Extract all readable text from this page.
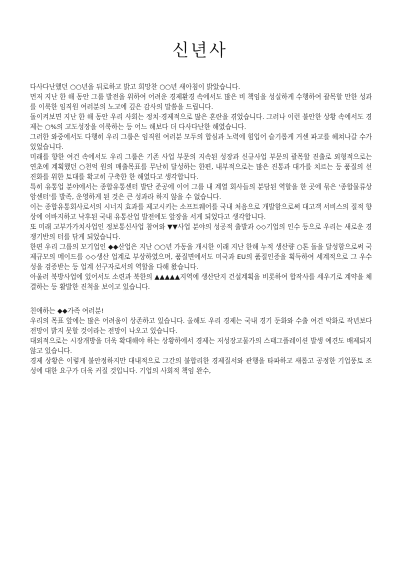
신년사

다사다난했던 ○○년을 뒤로하고 밝고 희망찬 ○○년 새아침이 밝았습니다.

먼저 지난 한 해 동안 그룹 발전을 위하여 어려운 경제환경 속에서도 많은 비 책임을 성실하게 수행하여 괄목할 만한 성과를 이룩한 임직원 여러분의 노고에 깊은 감사의 말씀을 드립니다.

돌이켜보면 지난 한 해 동안 우리 사회는 정치·경제적으로 많은 혼란을 겪었습니다. 그러나 이런 불안한 상황 속에서도 경제는 ○%의 고도성장을 이룩하는 등 어느 해보다 더 다사다난한 해였습니다.

그러한 와중에서도 다행히 우리 그룹은 임직원 여러분 모두의 합심과 노력에 힘입어 슬기롭게 거센 파고를 헤쳐나갈 수가 있었습니다.

미래를 향한 여건 속에서도 우리 그룹은 기존 사업 부문의 지속된 성장과 신규사업 부문의 괄목할 진출로 외형적으로는 연초에 계획했던 ○천억 원의 매출목표를 무난히 달성하는 한편, 내부적으로는 많은 진통과 대가를 치르는 등 품질의 선진화를 위한 토대를 확고히 구축한 한 해였다고 생각합니다.

특히 유통업 분야에서는 종합유통센터 발단 준공에 이어 그룹 내 계열 회사들의 분담된 역할을 한 곳에 묶은 '종합물류상암센터'를 발족, 운영하게 된 것은 큰 성과라 하지 않을 수 없습니다.

이는 종합유통회사로서의 시너지 효과를 제고시키는 소프트웨어를 국내 처음으로 개발함으로써 대고객 서비스의 질적 향상에 이바지하고 낙후된 국내 유통산업 발전에도 앞장을 서게 되었다고 생각합니다.

또 미래 고부가가치사업인 정보통신사업 참여와 ▼▼사업 분야의 성공적 출발과 ◇◇기업의 인수 등으로 우리는 새로운 경쟁기반의 터를 닦게 되었습니다.

한편 우리 그룹의 모기업인 ◆◆산업은 지난 ○○년 가동을 개시한 이래 지난 한해 누적 생산량 ○톤 돌을 달성함으로써 국제규모의 메이드를 ◇◇생산 업계로 부상하였으며, 품질면에서도 미국과 EU의 품질인증을 획득하여 세계적으로 그 우수성을 검증받는 등 업계 선구자로서의 역할을 다해 왔습니다.

아울러 북방사업에 있어서도 소련과 북한의 ▲▲▲▲▲지역에 생산단지 건설계획을 비롯하여 합작사를 세우기로 계약을 체결하는 등 활발한 진척을 보이고 있습니다.

친애하는 ◆◆가족 여러분!

우리의 목표 앞에는 많은 어려움이 상존하고 있습니다. 올해도 우리 경제는 국내 경기 둔화와 수출 여건 악화로 작년보다 전망이 밝지 못할 것이라는 전망이 나오고 있습니다.

대외적으로는 시장개방을 더욱 확대해야 하는 상황하에서 경제는 저성장고물가의 스태그플레이션 발생 예견도 배제되지 않고 있습니다.

경제 상황은 이렇게 불안정하지만 대내적으로 그간의 불합리한 경제질서와 관행을 타파하고 새롭고 공정한 기업풍토 조성에 대한 요구가 더욱 커질 것입니다. 기업의 사회적 책임 완수,
